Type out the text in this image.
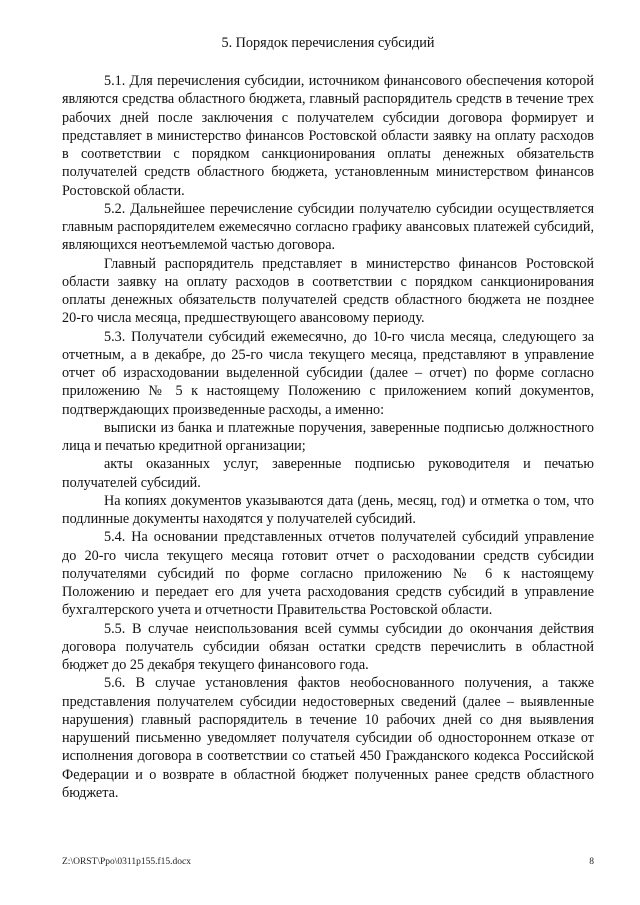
5. Порядок перечисления субсидий

5.1. Для перечисления субсидии, источником финансового обеспечения которой являются средства областного бюджета, главный распорядитель средств в течение трех рабочих дней после заключения с получателем субсидии договора формирует и представляет в министерство финансов Ростовской области заявку на оплату расходов в соответствии с порядком санкционирования оплаты денежных обязательств получателей средств областного бюджета, установленным министерством финансов Ростовской области.

5.2. Дальнейшее перечисление субсидии получателю субсидии осуществляется главным распорядителем ежемесячно согласно графику авансовых платежей субсидий, являющихся неотъемлемой частью договора.

Главный распорядитель представляет в министерство финансов Ростовской области заявку на оплату расходов в соответствии с порядком санкционирования оплаты денежных обязательств получателей средств областного бюджета не позднее 20-го числа месяца, предшествующего авансовому периоду.

5.3. Получатели субсидий ежемесячно, до 10-го числа месяца, следующего за отчетным, а в декабре, до 25-го числа текущего месяца, представляют в управление отчет об израсходовании выделенной субсидии (далее – отчет) по форме согласно приложению № 5 к настоящему Положению с приложением копий документов, подтверждающих произведенные расходы, а именно:

выписки из банка и платежные поручения, заверенные подписью должностного лица и печатью кредитной организации;

акты оказанных услуг, заверенные подписью руководителя и печатью получателей субсидий.

На копиях документов указываются дата (день, месяц, год) и отметка о том, что подлинные документы находятся у получателей субсидий.

5.4. На основании представленных отчетов получателей субсидий управление до 20-го числа текущего месяца готовит отчет о расходовании средств субсидии получателями субсидий по форме согласно приложению № 6 к настоящему Положению и передает его для учета расходования средств субсидий в управление бухгалтерского учета и отчетности Правительства Ростовской области.

5.5. В случае неиспользования всей суммы субсидии до окончания действия договора получатель субсидии обязан остатки средств перечислить в областной бюджет до 25 декабря текущего финансового года.

5.6. В случае установления фактов необоснованного получения, а также представления получателем субсидии недостоверных сведений (далее – выявленные нарушения) главный распорядитель в течение 10 рабочих дней со дня выявления нарушений письменно уведомляет получателя субсидии об одностороннем отказе от исполнения договора в соответствии со статьей 450 Гражданского кодекса Российской Федерации и о возврате в областной бюджет полученных ранее средств областного бюджета.

Z:\ORST\Ppo\0311p155.f15.docx	8
